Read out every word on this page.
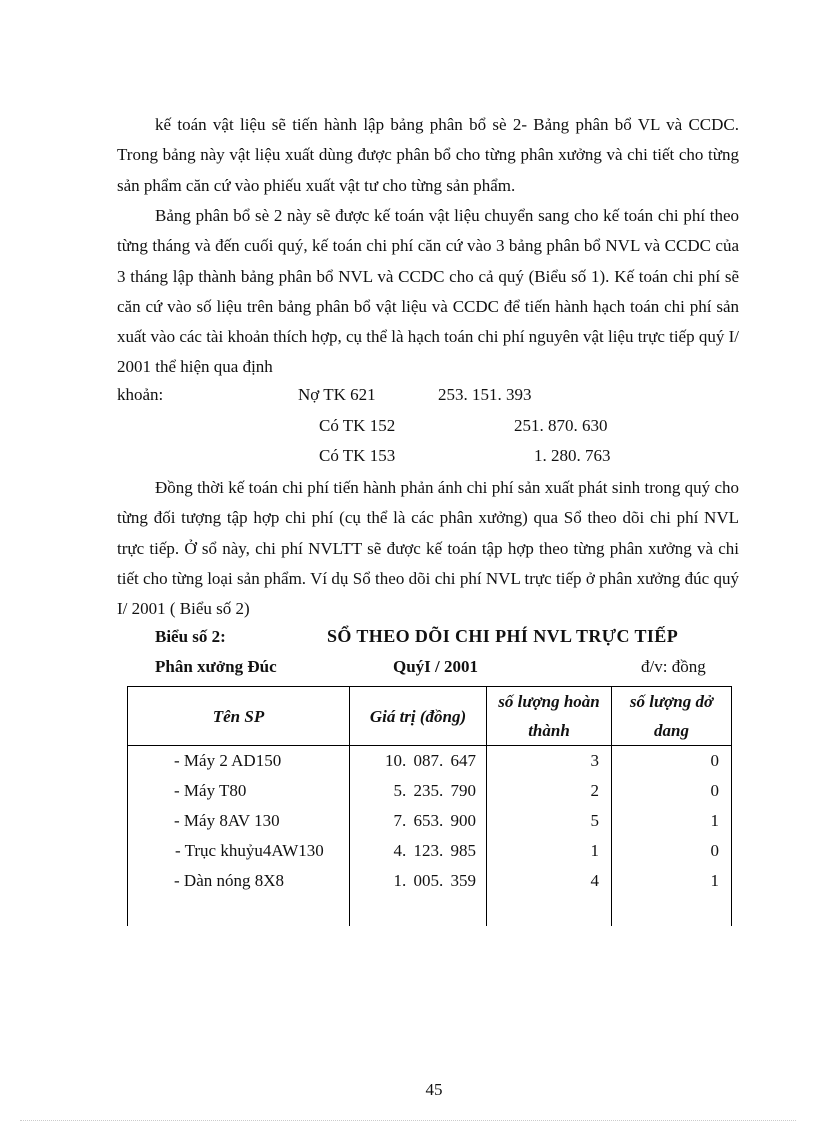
kế toán vật liệu sẽ tiến hành lập bảng phân bổ sè 2- Bảng phân bổ VL và CCDC. Trong bảng này vật liệu xuất dùng được phân bổ cho từng phân xưởng và chi tiết cho từng sản phẩm căn cứ vào phiếu xuất vật tư cho từng sản phẩm.

Bảng phân bổ sè 2 này sẽ được kế toán vật liệu chuyển sang cho kế toán chi phí theo từng tháng và đến cuối quý, kế toán chi phí căn cứ vào 3 bảng phân bổ NVL và CCDC của 3 tháng lập thành bảng phân bổ NVL và CCDC cho cả quý (Biểu số 1). Kế toán chi phí sẽ căn cứ vào số liệu trên bảng phân bổ vật liệu và CCDC để tiến hành hạch toán chi phí sản xuất vào các tài khoản thích hợp, cụ thể là hạch toán chi phí nguyên vật liệu trực tiếp quý I/ 2001 thể hiện qua định

khoản:	Nợ TK 621	253. 151. 393
Có TK 152	251. 870. 630
Có TK 153	1. 280. 763

Đồng thời kế toán chi phí tiến hành phản ánh chi phí sản xuất phát sinh trong quý cho từng đối tượng tập hợp chi phí (cụ thể là các phân xưởng) qua Sổ theo dõi chi phí NVL trực tiếp. Ở sổ này, chi phí NVLTT sẽ được kế toán tập hợp theo từng phân xưởng và chi tiết cho từng loại sản phẩm. Ví dụ Sổ theo dõi chi phí NVL trực tiếp ở phân xưởng đúc quý I/ 2001 ( Biểu số 2)

Biểu số 2:	SỔ THEO DÕI CHI PHÍ NVL TRỰC TIẾP
Phân xưởng Đúc	QuýI / 2001	đ/v: đồng
Tên SP	Giá trị (đồng)	số lượng hoàn thành	số lượng dở dang
- Máy 2 AD150	10. 087. 647	3	0
- Máy T80	5. 235. 790	2	0
- Máy 8AV 130	7. 653. 900	5	1
- Trục khuỷu4AW130	4. 123. 985	1	0
- Dàn nóng 8X8	1. 005. 359	4	1
45
